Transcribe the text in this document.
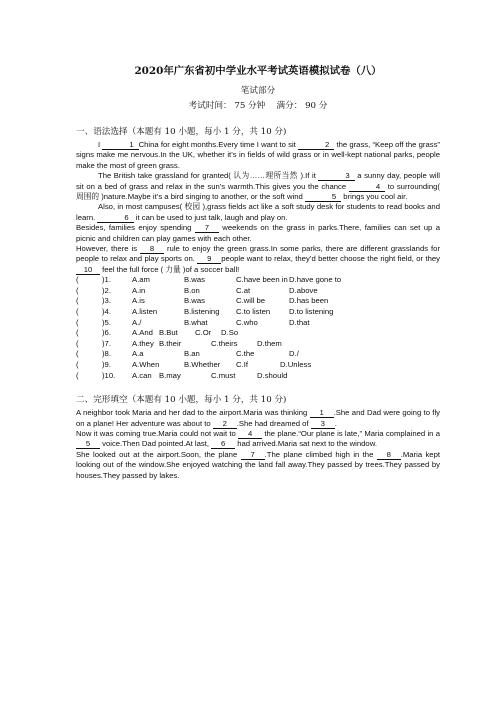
2020年广东省初中学业水平考试英语模拟试卷（八）
笔试部分
考试时间： 75 分钟　 满分： 90 分
一、语法选择（本题有 10 小题，每小 1 分，共 10 分)

I	1 China for eight months.Every time I want to sit	2 the grass, “Keep off the grass” signs make me nervous.In the UK, whether it’s in fields of wild grass or in well-kept national parks, people make the most of green grass.

The British take grassland for granted( 认为……理所当然 ).If it	3 a sunny day, people will sit on a bed of grass and relax in the sun’s warmth.This gives you the chance	4 to surrounding( 周围的 )nature.Maybe it’s a bird singing to another, or the soft wind	5 brings you cool air.

Also, in most campuses( 校园 ),grass fields act like a soft study desk for students to read books and learn.	6 it can be used to just talk, laugh and play on.

Besides, families enjoy spending 7 weekends on the grass in parks.There, families can set up a picnic and children can play games with each other.

However, there is 8 rule to enjoy the green grass.In some parks, there are different grasslands for people to relax and play sports on. 9 people want to relax, they’d better choose the right field, or they 10 feel the full force ( 力量 )of a soccer ball!

(	)1.	A.am	B.was	C.have been in D.have gone to
(	)2.	A.in	B.on	C.at	D.above
(	)3.	A.is	B.was	C.will be	D.has been
(	)4.	A.listen	B.listening	C.to listen	D.to listening
(	)5.	A./	B.what	C.who	D.that
(	)6.	A.And B.But	C.Or	D.So
(	)7.	A.they B.their	C.theirs	D.them
(	)8.	A.a	B.an	C.the	D./
(	)9.	A.When	B.Whether	C.If	D.Unless
(	)10.	A.can B.may	C.must	D.should
二、完形填空（本题有 10 小题，每小 1 分，共 10 分)

A neighbor took Maria and her dad to the airport.Maria was thinking 1 .She and Dad were going to fly on a plane! Her adventure was about to 2 .She had dreamed of 3 .

Now it was coming true.Maria could not wait to 4 the plane.“Our plane is late,” Maria complained in a 5 voice.Then Dad pointed.At last, 6 had arrived.Maria sat next to the window.

She looked out at the airport.Soon, the plane 7 .The plane climbed high in the 8 .Maria kept looking out of the window.She enjoyed watching the land fall away.They passed by trees.They passed by houses.They passed by lakes.
